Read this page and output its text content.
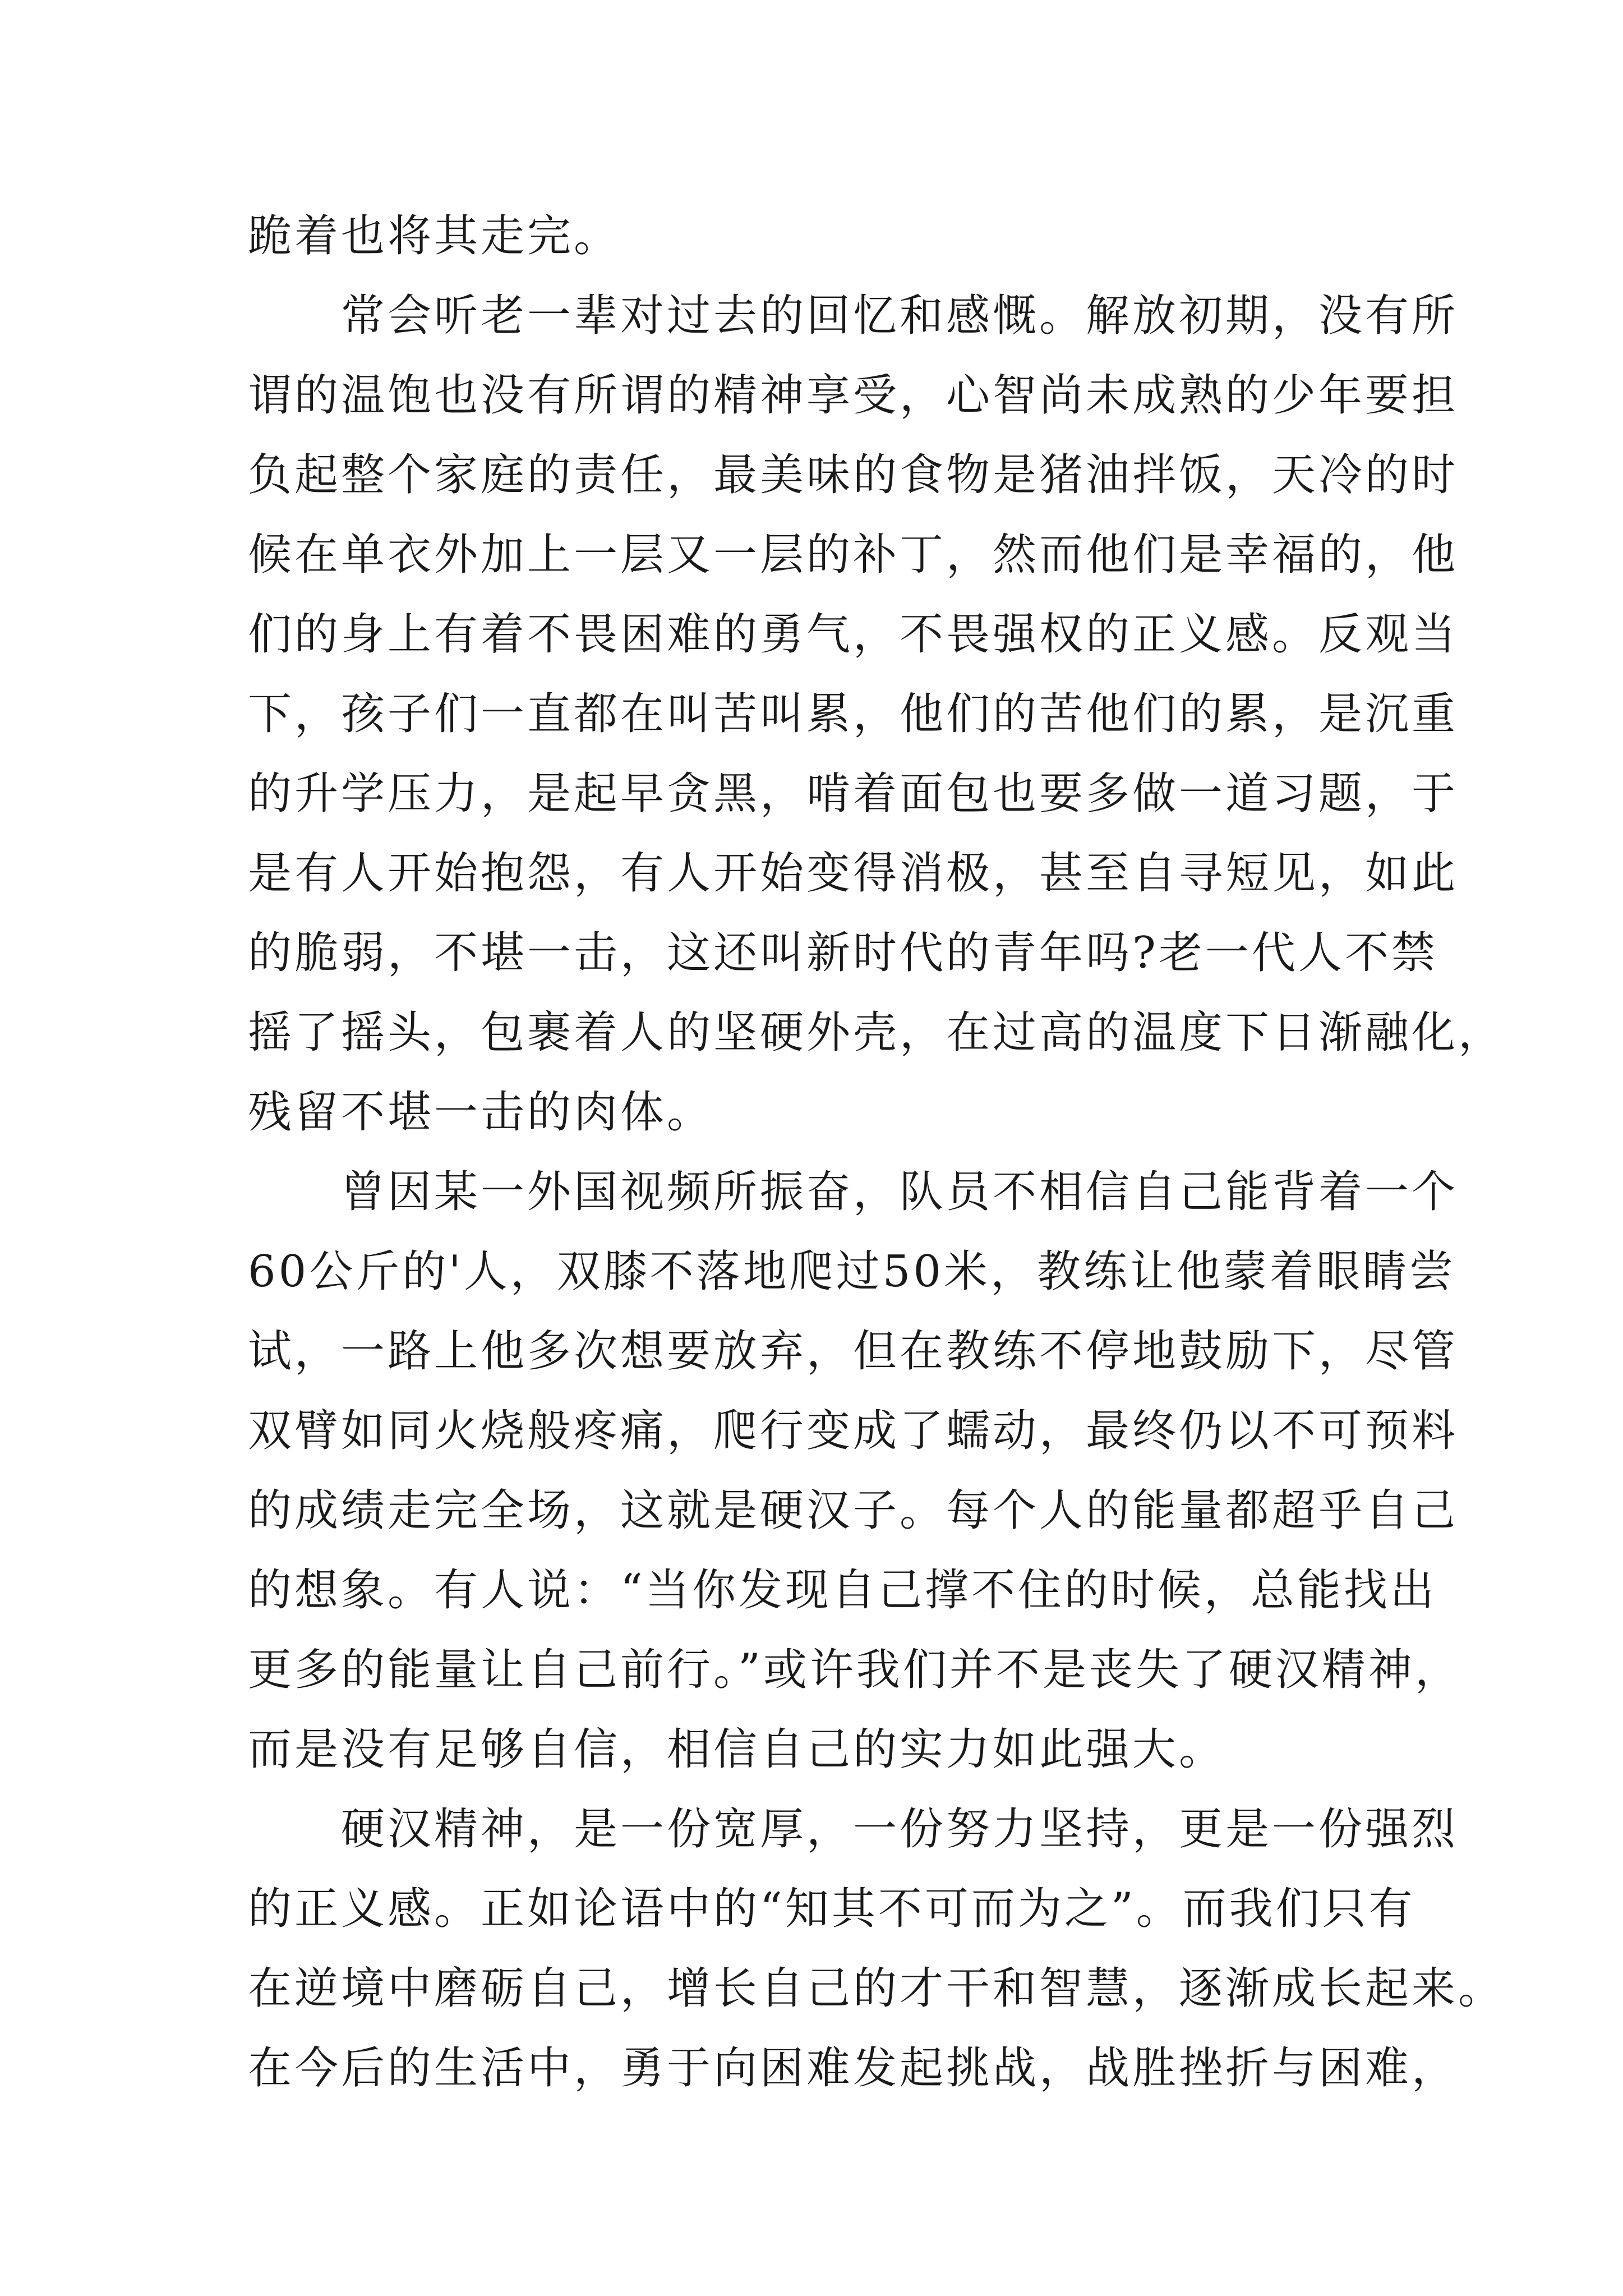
跪着也将其走完。
　　常会听老一辈对过去的回忆和感慨。解放初期，没有所
谓的温饱也没有所谓的精神享受，心智尚未成熟的少年要担
负起整个家庭的责任，最美味的食物是猪油拌饭，天冷的时
候在单衣外加上一层又一层的补丁，然而他们是幸福的，他
们的身上有着不畏困难的勇气，不畏强权的正义感。反观当
下，孩子们一直都在叫苦叫累，他们的苦他们的累，是沉重
的升学压力，是起早贪黑，啃着面包也要多做一道习题，于
是有人开始抱怨，有人开始变得消极，甚至自寻短见，如此
的脆弱，不堪一击，这还叫新时代的青年吗?老一代人不禁
摇了摇头，包裹着人的坚硬外壳，在过高的温度下日渐融化，
残留不堪一击的肉体。
　　曾因某一外国视频所振奋，队员不相信自己能背着一个
60公斤的'人，双膝不落地爬过50米，教练让他蒙着眼睛尝
试，一路上他多次想要放弃，但在教练不停地鼓励下，尽管
双臂如同火烧般疼痛，爬行变成了蠕动，最终仍以不可预料
的成绩走完全场，这就是硬汉子。每个人的能量都超乎自己
的想象。有人说：“当你发现自己撑不住的时候，总能找出
更多的能量让自己前行。”或许我们并不是丧失了硬汉精神，
而是没有足够自信，相信自己的实力如此强大。
　　硬汉精神，是一份宽厚，一份努力坚持，更是一份强烈
的正义感。正如论语中的“知其不可而为之”。而我们只有
在逆境中磨砺自己，增长自己的才干和智慧，逐渐成长起来。
在今后的生活中，勇于向困难发起挑战，战胜挫折与困难，
